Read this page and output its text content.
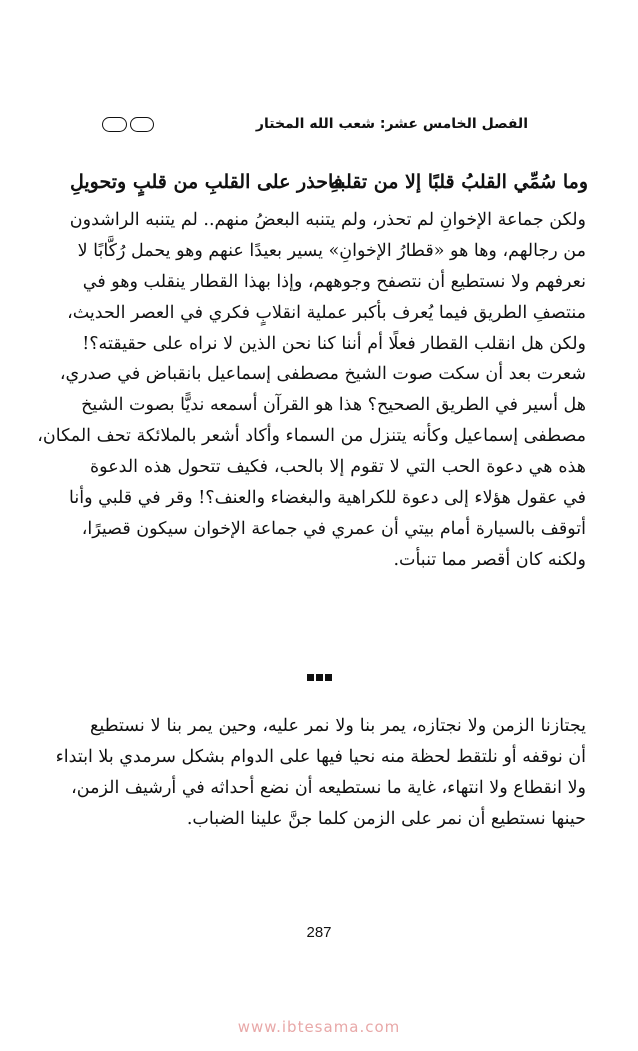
الفصل الخامس عشر: شعب الله المختار
وما سُمِّي القلبُ قلبًا إلا من تقلبهِ
فاحذر على القلبِ من قلبٍ وتحويلِ
ولكن جماعة الإخوانِ لم تحذر، ولم يتنبه البعضُ منهم.. لم يتنبه الراشدون
من رجالهم، وها هو «قطارُ الإخوانِ» يسير بعيدًا عنهم وهو يحمل رُكَّابًا لا
نعرفهم ولا نستطيع أن نتصفح وجوههم، وإذا بهذا القطار ينقلب وهو في
منتصفِ الطريق فيما يُعرف بأكبر عملية انقلابٍ فكري في العصر الحديث،
ولكن هل انقلب القطار فعلًا أم أننا كنا نحن الذين لا نراه على حقيقته؟!
شعرت بعد أن سكت صوت الشيخ مصطفى إسماعيل بانقباض في صدري،
هل أسير في الطريق الصحيح؟ هذا هو القرآن أسمعه نديًّا بصوت الشيخ
مصطفى إسماعيل وكأنه يتنزل من السماء وأكاد أشعر بالملائكة تحف المكان،
هذه هي دعوة الحب التي لا تقوم إلا بالحب، فكيف تتحول هذه الدعوة
في عقول هؤلاء إلى دعوة للكراهية والبغضاء والعنف؟! وقر في قلبي وأنا
أتوقف بالسيارة أمام بيتي أن عمري في جماعة الإخوان سيكون قصيرًا،
ولكنه كان أقصر مما تنبأت.
يجتازنا الزمن ولا نجتازه، يمر بنا ولا نمر عليه، وحين يمر بنا لا نستطيع
أن نوقفه أو نلتقط لحظة منه نحيا فيها على الدوام بشكل سرمدي بلا ابتداء
ولا انقطاع ولا انتهاء، غاية ما نستطيعه أن نضع أحداثه في أرشيف الزمن،
حينها نستطيع أن نمر على الزمن كلما جنَّ علينا الضباب.
287
www.ibtesama.com
